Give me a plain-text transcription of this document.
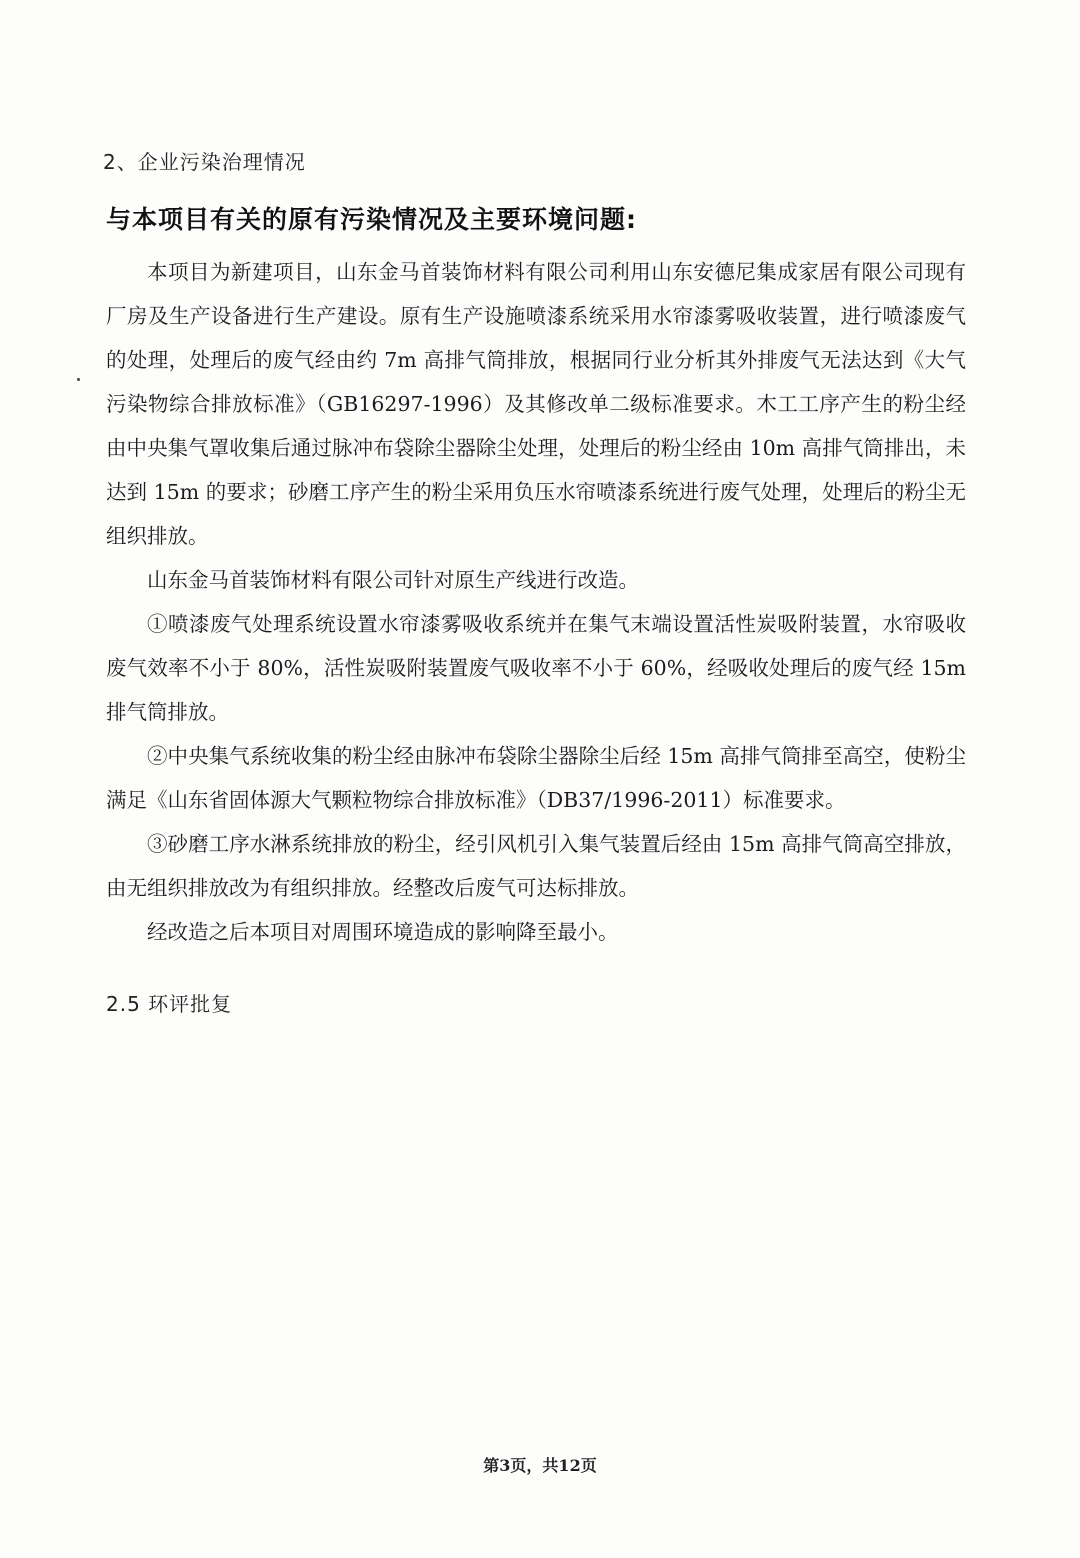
2、企业污染治理情况
与本项目有关的原有污染情况及主要环境问题:

本项目为新建项目，山东金马首装饰材料有限公司利用山东安德尼集成家居有限公司现有厂房及生产设备进行生产建设。原有生产设施喷漆系统采用水帘漆雾吸收装置，进行喷漆废气的处理，处理后的废气经由约 7m 高排气筒排放，根据同行业分析其外排废气无法达到《大气污染物综合排放标准》（GB16297-1996）及其修改单二级标准要求。木工工序产生的粉尘经由中央集气罩收集后通过脉冲布袋除尘器除尘处理，处理后的粉尘经由 10m 高排气筒排出，未达到 15m 的要求；砂磨工序产生的粉尘采用负压水帘喷漆系统进行废气处理，处理后的粉尘无组织排放。

山东金马首装饰材料有限公司针对原生产线进行改造。

①喷漆废气处理系统设置水帘漆雾吸收系统并在集气末端设置活性炭吸附装置，水帘吸收废气效率不小于 80%，活性炭吸附装置废气吸收率不小于 60%，经吸收处理后的废气经 15m 排气筒排放。

②中央集气系统收集的粉尘经由脉冲布袋除尘器除尘后经 15m 高排气筒排至高空，使粉尘满足《山东省固体源大气颗粒物综合排放标准》（DB37/1996-2011）标准要求。

③砂磨工序水淋系统排放的粉尘，经引风机引入集气装置后经由 15m 高排气筒高空排放，由无组织排放改为有组织排放。经整改后废气可达标排放。

经改造之后本项目对周围环境造成的影响降至最小。

2.5 环评批复
第3页，共12页
